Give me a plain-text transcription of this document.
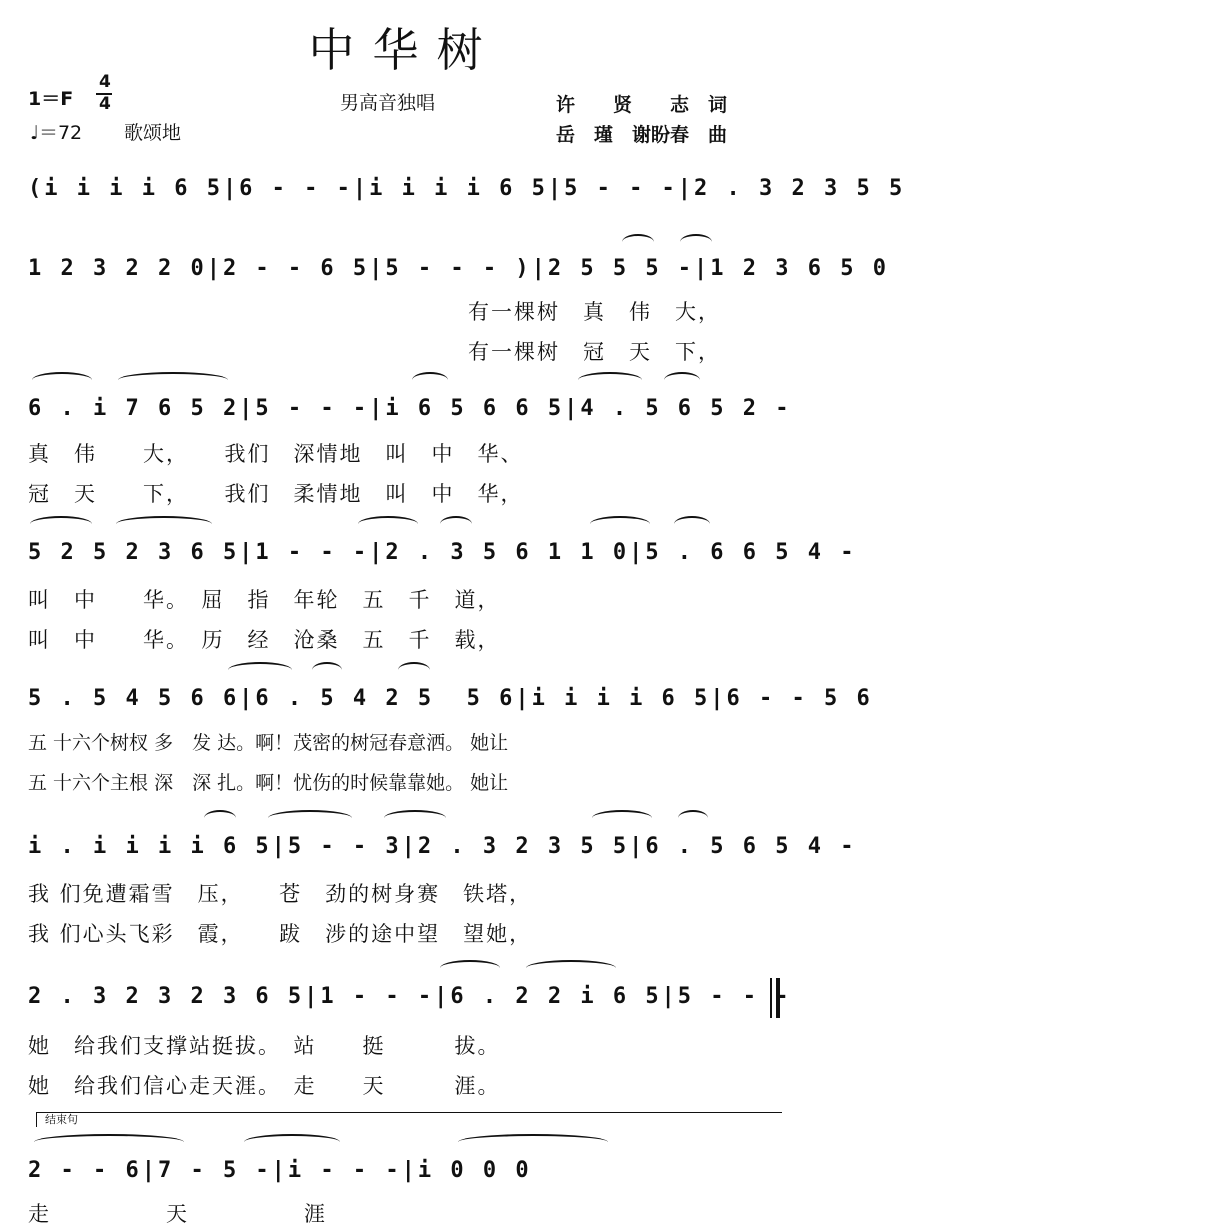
中华树
1＝F
4
4
♩＝72 歌颂地
男高音独唱	许　　贤　　志　词
岳　瑾　谢盼春　曲
(i i i i 6 5|6 - - -|i i i i 6 5|5 - - -|2 . 3 2 3 5 5
1 2 3 2 2 0|2 - - 6 5|5 - - - )|2 5 5 5 -|1 2 3 6 5 0
有一棵树　真　伟　大，
有一棵树　冠　天　下，
6 . i 7 6 5 2|5 - - -|i 6 5 6 6 5|4 . 5 6 5 2 -
真　伟　　大，　　我们　深情地　叫　中　华、
冠　天　　下，　　我们　柔情地　叫　中　华，
5 2 5 2 3 6 5|1 - - -|2 . 3 5 6 1 1 0|5 . 6 6 5 4 -
叫　中　　华。　屈　指　年轮　五　千　道，
叫　中　　华。　历　经　沧桑　五　千　载，
5 . 5 4 5 6 6|6 . 5 4 2 5  5 6|i i i i 6 5|6 - - 5 6
五 十六个树杈 多　发 达。啊！茂密的树冠春意洒。 她让
五 十六个主根 深　深 扎。啊！忧伤的时候靠靠她。 她让
i . i i i i 6 5|5 - - 3|2 . 3 2 3 5 5|6 . 5 6 5 4 -
我 们免遭霜雪　压，　　苍　劲的树身赛　铁塔，
我 们心头飞彩　霞，　　跋　涉的途中望　望她，
2 . 3 2 3 2 3 6 5|1 - - -|6 . 2 2 i 6 5|5 - - -
她　给我们支撑站挺拔。　站　　挺　　　拔。
她　给我们信心走天涯。　走　　天　　　涯。
结束句
2 - - 6|7 - 5 -|i - - -|i 0 0 0
走　　　　　天　　　　　涯
